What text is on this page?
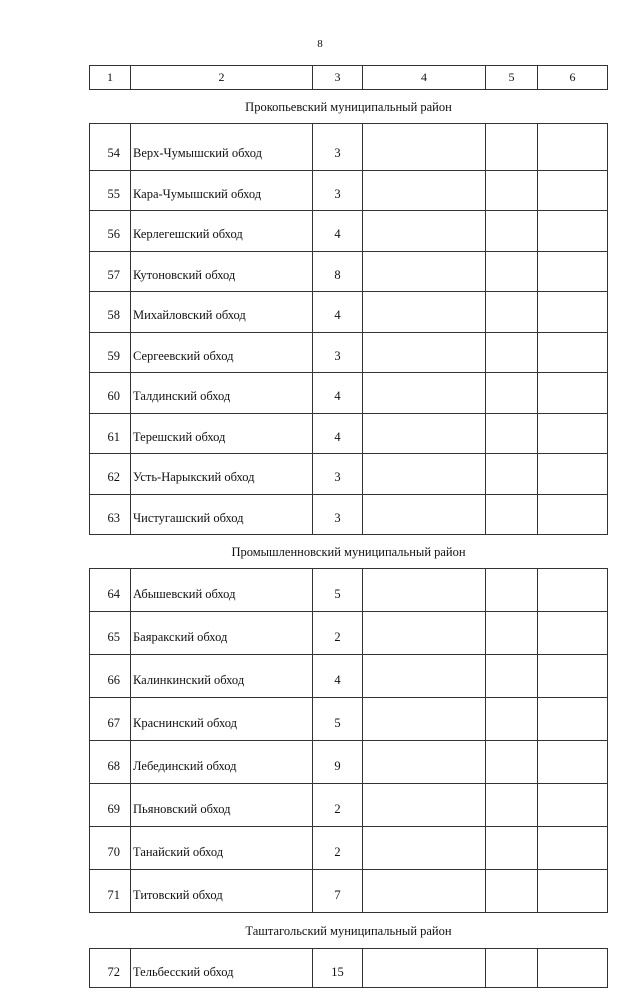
8
1	2	3	4	5	6
Прокопьевский муниципальный район					
54	Верх-Чумышский обход	3			
55	Кара-Чумышский обход	3			
56	Керлегешский обход	4			
57	Кутоновский обход	8			
58	Михайловский обход	4			
59	Сергеевский обход	3			
60	Талдинский обход	4			
61	Терешский обход	4			
62	Усть-Нарыкский обход	3			
63	Чистугашский обход	3			
Промышленновский муниципальный район					
64	Абышевский обход	5			
65	Баяракский обход	2			
66	Калинкинский обход	4			
67	Краснинский обход	5			
68	Лебединский обход	9			
69	Пьяновский обход	2			
70	Танайский обход	2			
71	Титовский обход	7			
Таштагольский муниципальный район					
72	Тельбесский обход	15			
